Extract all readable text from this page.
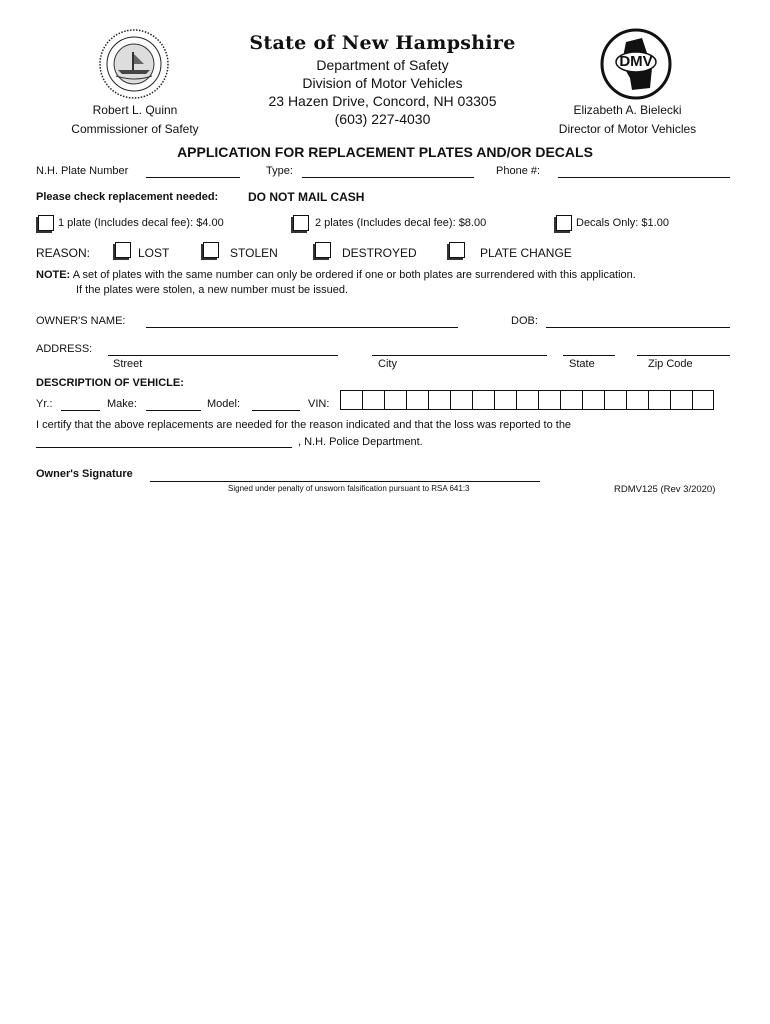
DMV
State of New Hampshire
Department of Safety
Division of Motor Vehicles
23 Hazen Drive, Concord, NH 03305
(603) 227-4030
Robert L. Quinn
Commissioner of Safety
Elizabeth A. Bielecki
Director of Motor Vehicles
APPLICATION FOR REPLACEMENT PLATES AND/OR DECALS
N.H. Plate Number	Type:	Phone #:
Please check replacement needed: DO NOT MAIL CASH
1 plate (Includes decal fee): $4.00	2 plates (Includes decal fee): $8.00	Decals Only: $1.00
REASON:	LOST	STOLEN	DESTROYED	PLATE CHANGE
NOTE: A set of plates with the same number can only be ordered if one or both plates are surrendered with this application.
If the plates were stolen, a new number must be issued.
OWNER'S NAME:	DOB:
ADDRESS:
Street	City	State	Zip Code
DESCRIPTION OF VEHICLE:
Yr.:	Make:	Model:	VIN:
I certify that the above replacements are needed for the reason indicated and that the loss was reported to the
, N.H. Police Department.
Owner's Signature
Signed under penalty of unsworn falsification pursuant to RSA 641:3	RDMV125 (Rev 3/2020)
